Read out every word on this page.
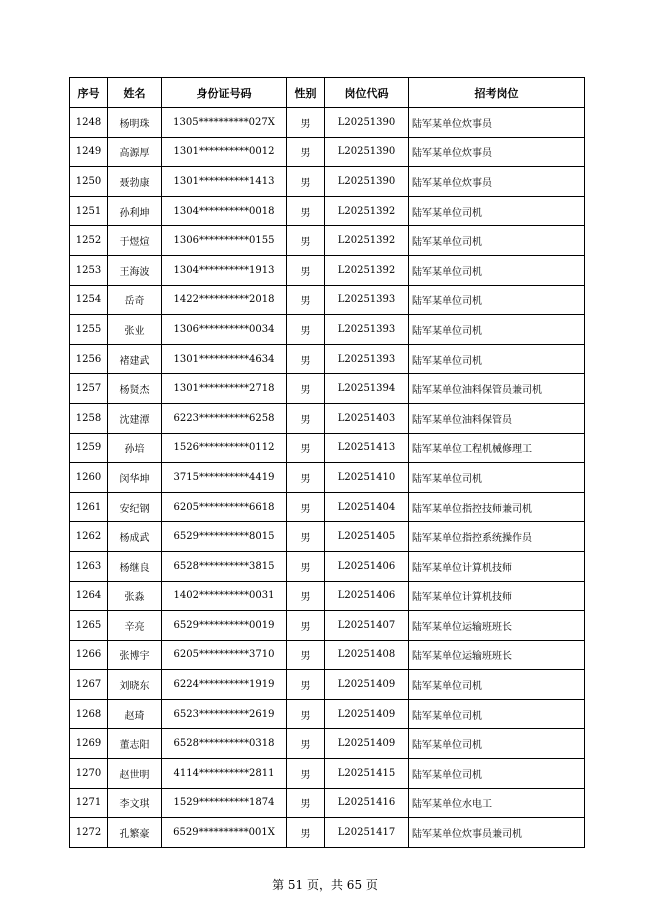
序号	姓名	身份证号码	性别	岗位代码	招考岗位
1248	杨明珠	1305**********027X	男	L20251390	陆军某单位炊事员
1249	高源厚	1301**********0012	男	L20251390	陆军某单位炊事员
1250	聂勃康	1301**********1413	男	L20251390	陆军某单位炊事员
1251	孙利坤	1304**********0018	男	L20251392	陆军某单位司机
1252	于煜煊	1306**********0155	男	L20251392	陆军某单位司机
1253	王海波	1304**********1913	男	L20251392	陆军某单位司机
1254	岳奇	1422**********2018	男	L20251393	陆军某单位司机
1255	张业	1306**********0034	男	L20251393	陆军某单位司机
1256	褚建武	1301**********4634	男	L20251393	陆军某单位司机
1257	杨贤杰	1301**********2718	男	L20251394	陆军某单位油料保管员兼司机
1258	沈建潭	6223**********6258	男	L20251403	陆军某单位油料保管员
1259	孙培	1526**********0112	男	L20251413	陆军某单位工程机械修理工
1260	闵华坤	3715**********4419	男	L20251410	陆军某单位司机
1261	安纪钢	6205**********6618	男	L20251404	陆军某单位指控技师兼司机
1262	杨成武	6529**********8015	男	L20251405	陆军某单位指控系统操作员
1263	杨继良	6528**********3815	男	L20251406	陆军某单位计算机技师
1264	张淼	1402**********0031	男	L20251406	陆军某单位计算机技师
1265	辛亮	6529**********0019	男	L20251407	陆军某单位运输班班长
1266	张博宇	6205**********3710	男	L20251408	陆军某单位运输班班长
1267	刘晓东	6224**********1919	男	L20251409	陆军某单位司机
1268	赵琦	6523**********2619	男	L20251409	陆军某单位司机
1269	董志阳	6528**********0318	男	L20251409	陆军某单位司机
1270	赵世明	4114**********2811	男	L20251415	陆军某单位司机
1271	李文琪	1529**********1874	男	L20251416	陆军某单位水电工
1272	孔繁豪	6529**********001X	男	L20251417	陆军某单位炊事员兼司机
第 51 页，共 65 页
